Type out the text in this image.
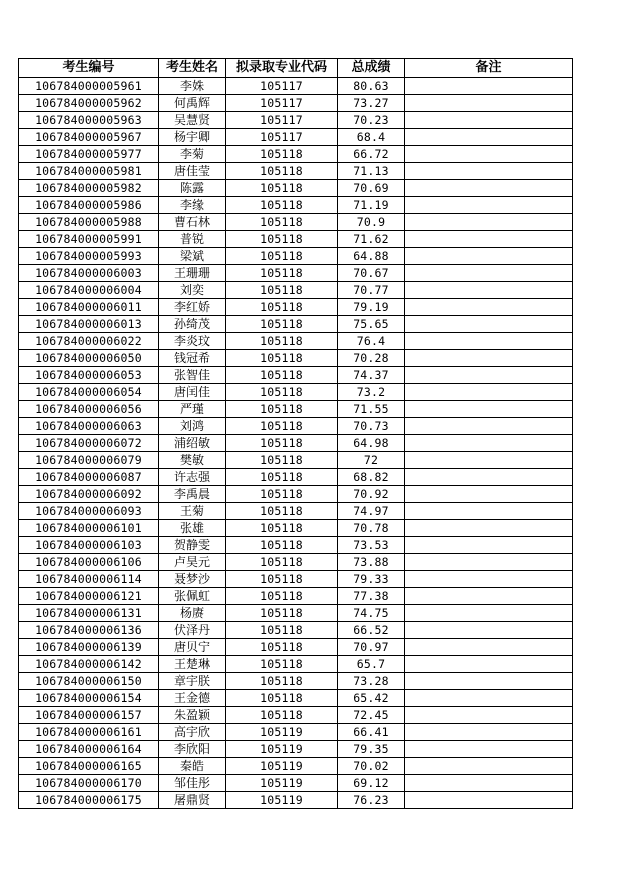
考生编号	考生姓名	拟录取专业代码	总成绩	备注
106784000005961	李姝	105117	80.63	
106784000005962	何禹辉	105117	73.27	
106784000005963	吴慧贤	105117	70.23	
106784000005967	杨宇卿	105117	68.4	
106784000005977	李菊	105118	66.72	
106784000005981	唐佳莹	105118	71.13	
106784000005982	陈露	105118	70.69	
106784000005986	李缘	105118	71.19	
106784000005988	曹石林	105118	70.9	
106784000005991	普锐	105118	71.62	
106784000005993	梁斌	105118	64.88	
106784000006003	王珊珊	105118	70.67	
106784000006004	刘奕	105118	70.77	
106784000006011	李红娇	105118	79.19	
106784000006013	孙绮茂	105118	75.65	
106784000006022	李炎玟	105118	76.4	
106784000006050	钱冠希	105118	70.28	
106784000006053	张智佳	105118	74.37	
106784000006054	唐闰佳	105118	73.2	
106784000006056	严瑾	105118	71.55	
106784000006063	刘鸿	105118	70.73	
106784000006072	浦绍敏	105118	64.98	
106784000006079	樊敏	105118	72	
106784000006087	许志强	105118	68.82	
106784000006092	李禹晨	105118	70.92	
106784000006093	王菊	105118	74.97	
106784000006101	张雄	105118	70.78	
106784000006103	贺静雯	105118	73.53	
106784000006106	卢昊元	105118	73.88	
106784000006114	聂梦沙	105118	79.33	
106784000006121	张佩虹	105118	77.38	
106784000006131	杨赓	105118	74.75	
106784000006136	伏泽丹	105118	66.52	
106784000006139	唐贝宁	105118	70.97	
106784000006142	王楚琳	105118	65.7	
106784000006150	章宇朕	105118	73.28	
106784000006154	王金德	105118	65.42	
106784000006157	朱盈颖	105118	72.45	
106784000006161	高宇欣	105119	66.41	
106784000006164	李欣阳	105119	79.35	
106784000006165	秦皓	105119	70.02	
106784000006170	邹佳彤	105119	69.12	
106784000006175	屠鼎贤	105119	76.23	
